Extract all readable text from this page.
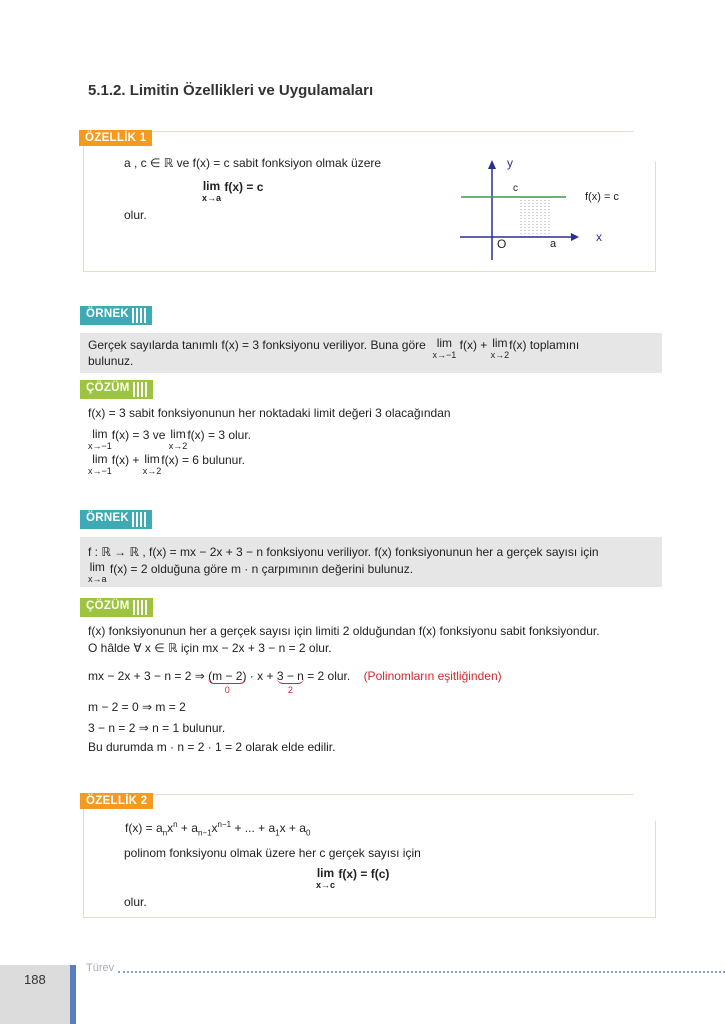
5.1.2. Limitin Özellikleri ve Uygulamaları
ÖZELLİK 1
a , c ∈ ℝ ve f(x) = c sabit fonksiyon olmak üzere
lim
x→a
f(x) = c
olur.
y
c
f(x) = c
x
O	a
ÖRNEK
Gerçek sayılarda tanımlı f(x) = 3 fonksiyonu veriliyor. Buna göre lim
x→−1
f(x) + lim
x→2
f(x) toplamını
bulunuz.
ÇÖZÜM
f(x) = 3 sabit fonksiyonunun her noktadaki limit değeri 3 olacağından
lim
x→−1
f(x) = 3 ve lim
x→2
f(x) = 3 olur.
lim
x→−1
f(x) + lim
x→2
f(x) = 6 bulunur.
ÖRNEK
f : ℝ → ℝ , f(x) = mx − 2x + 3 − n fonksiyonu veriliyor. f(x) fonksiyonunun her a gerçek sayısı için
lim
x→a
f(x) = 2 olduğuna göre m · n çarpımının değerini bulunuz.
ÇÖZÜM
f(x) fonksiyonunun her a gerçek sayısı için limiti 2 olduğundan f(x) fonksiyonu sabit fonksiyondur.
O hâlde ∀ x ∈ ℝ için mx − 2x + 3 − n = 2 olur.
mx − 2x + 3 − n = 2 ⇒ (m − 2)
0
· x + 3 − n
2
= 2 olur. (Polinomların eşitliğinden)
m − 2 = 0 ⇒ m = 2
3 − n = 2 ⇒ n = 1 bulunur.
Bu durumda m · n = 2 · 1 = 2 olarak elde edilir.
ÖZELLİK 2
$f(x) = a_nx^n + a_{n-1}x^{n-1}$ + ... + $a_1x + a_0$
polinom fonksiyonu olmak üzere her c gerçek sayısı için
lim
x→c
f(x) = f(c)
olur.
188
Türev
